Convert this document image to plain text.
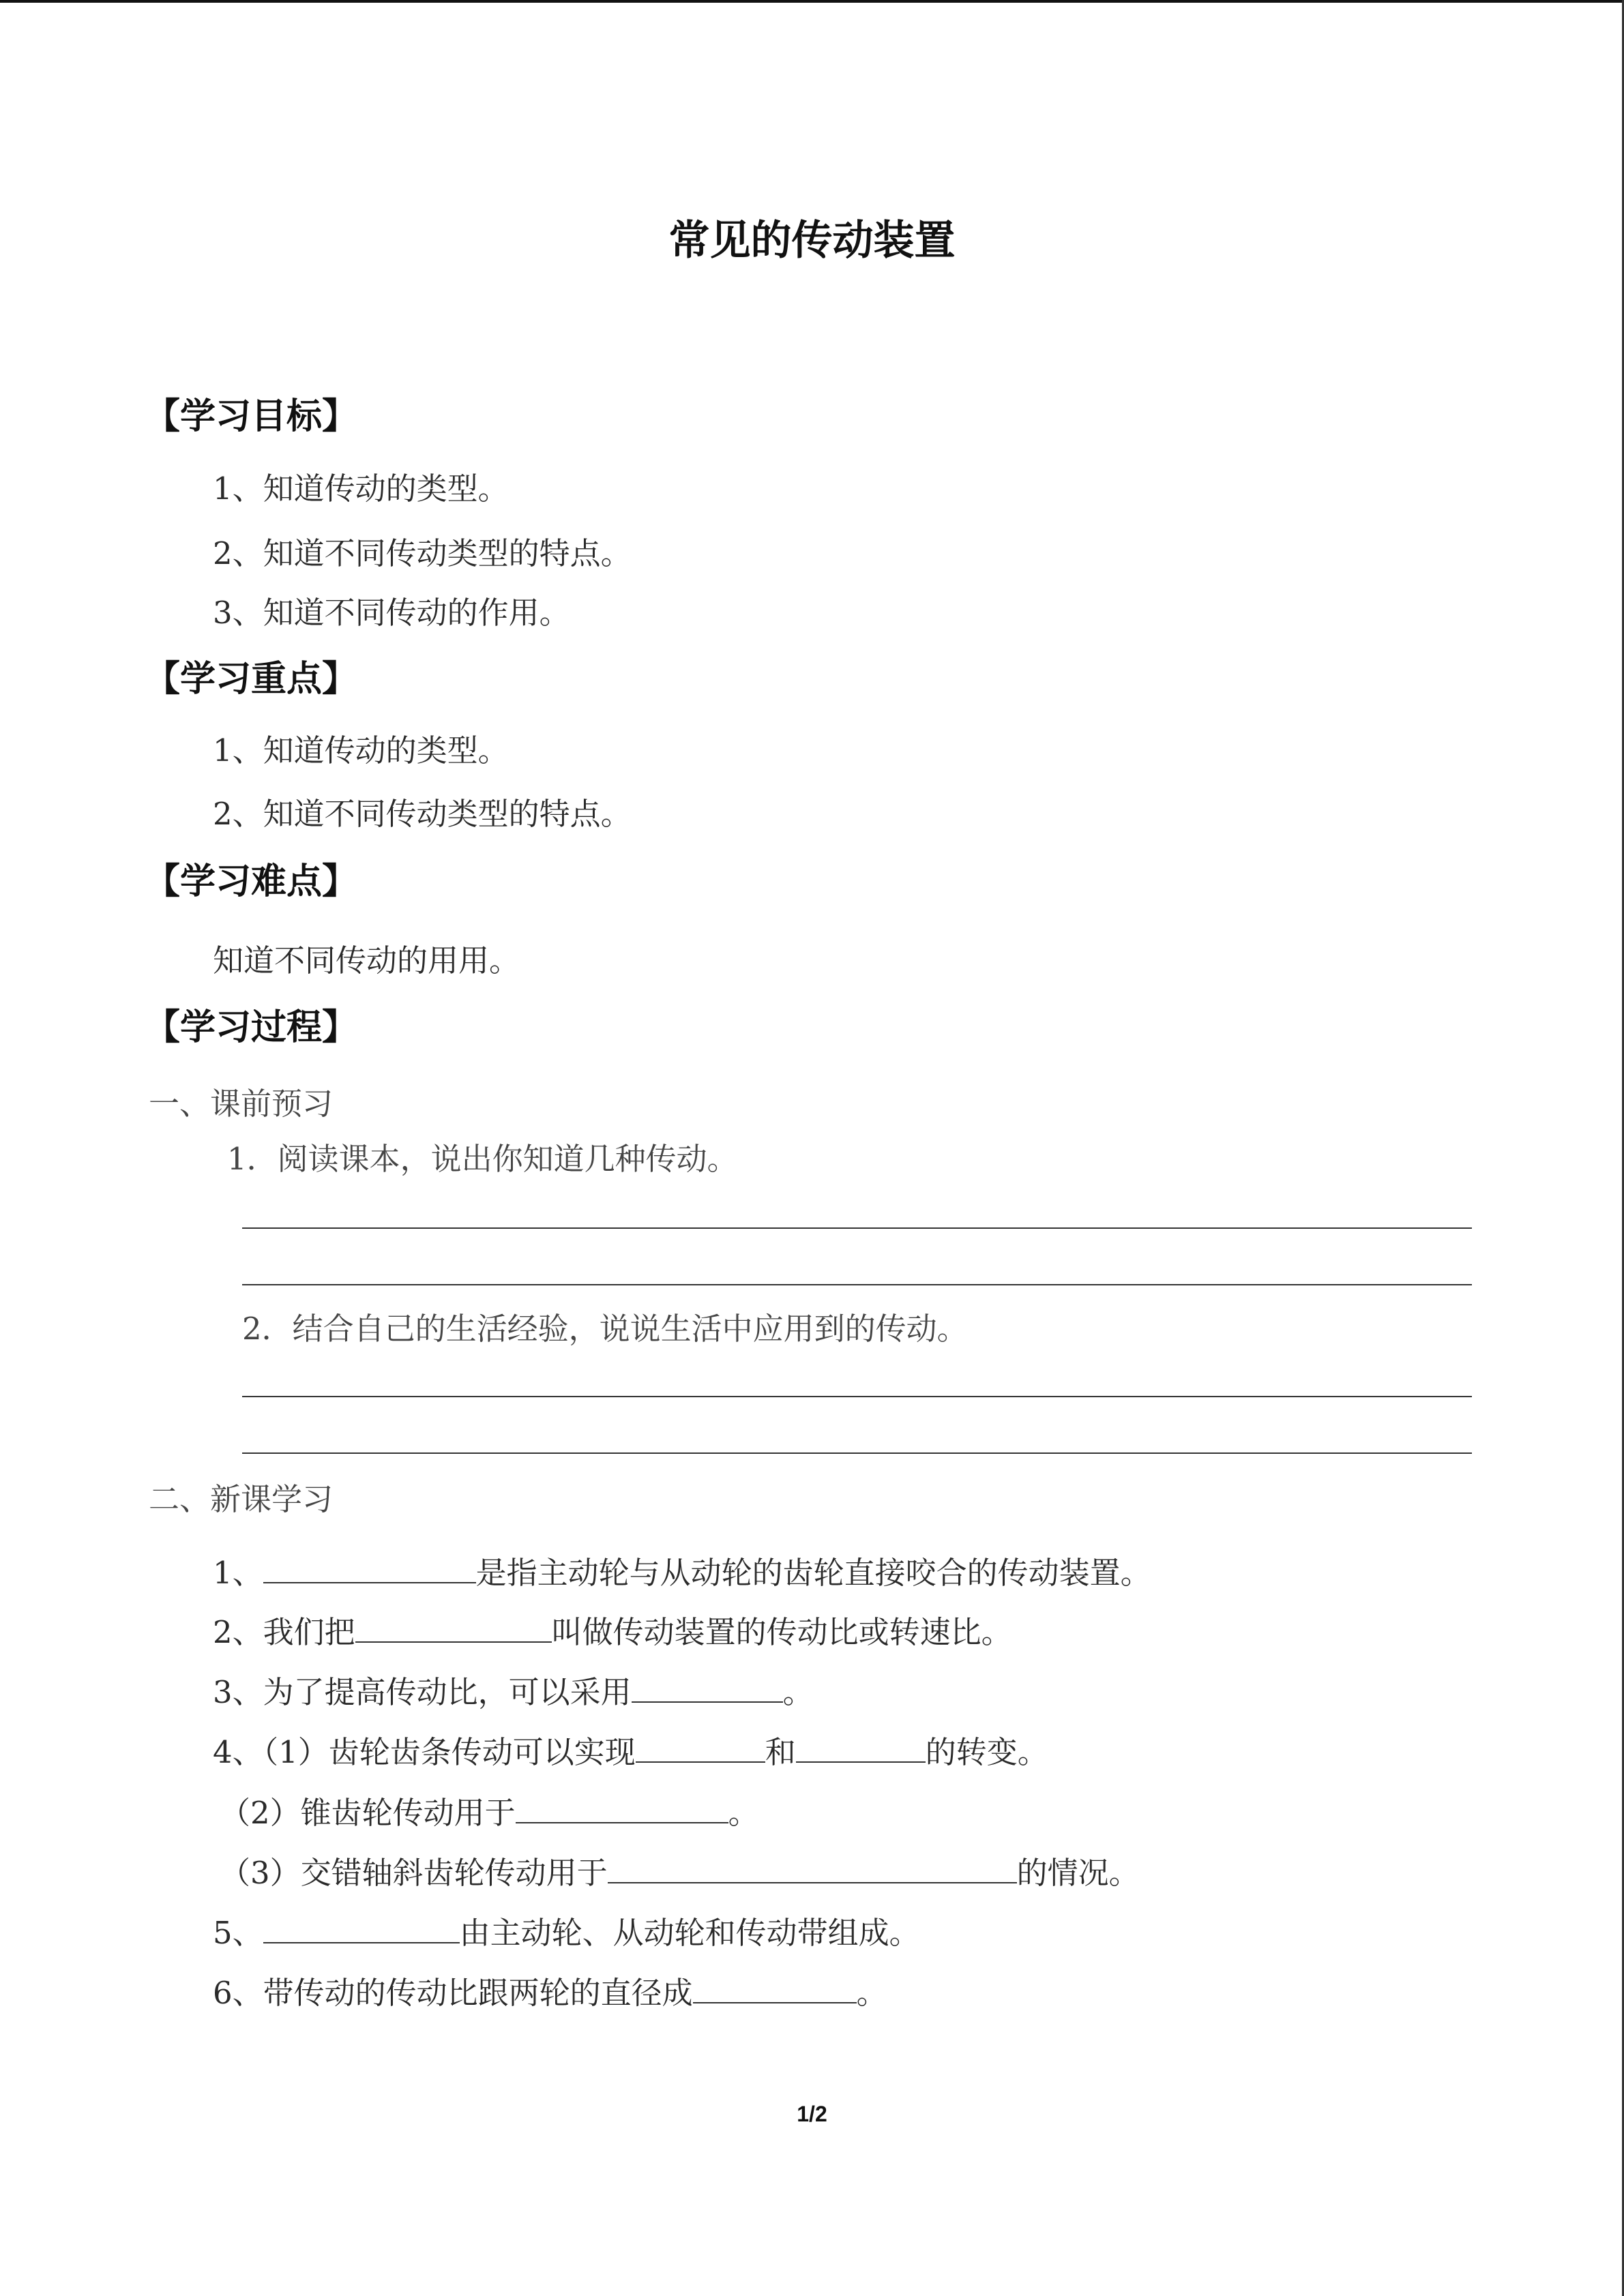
常见的传动装置
【学习目标】
1、知道传动的类型。
2、知道不同传动类型的特点。
3、知道不同传动的作用。
【学习重点】
1、知道传动的类型。
2、知道不同传动类型的特点。
【学习难点】
知道不同传动的用用。
【学习过程】
一、课前预习
1．阅读课本，说出你知道几种传动。
2．结合自己的生活经验，说说生活中应用到的传动。
二、新课学习
1、	是指主动轮与从动轮的齿轮直接咬合的传动装置。
2、我们把	叫做传动装置的传动比或转速比。
3、为了提高传动比，可以采用	。
4、（1）齿轮齿条传动可以实现	和	的转变。
（2）锥齿轮传动用于	。
（3）交错轴斜齿轮传动用于	的情况。
5、	由主动轮、从动轮和传动带组成。
6、带传动的传动比跟两轮的直径成	。
1/2
